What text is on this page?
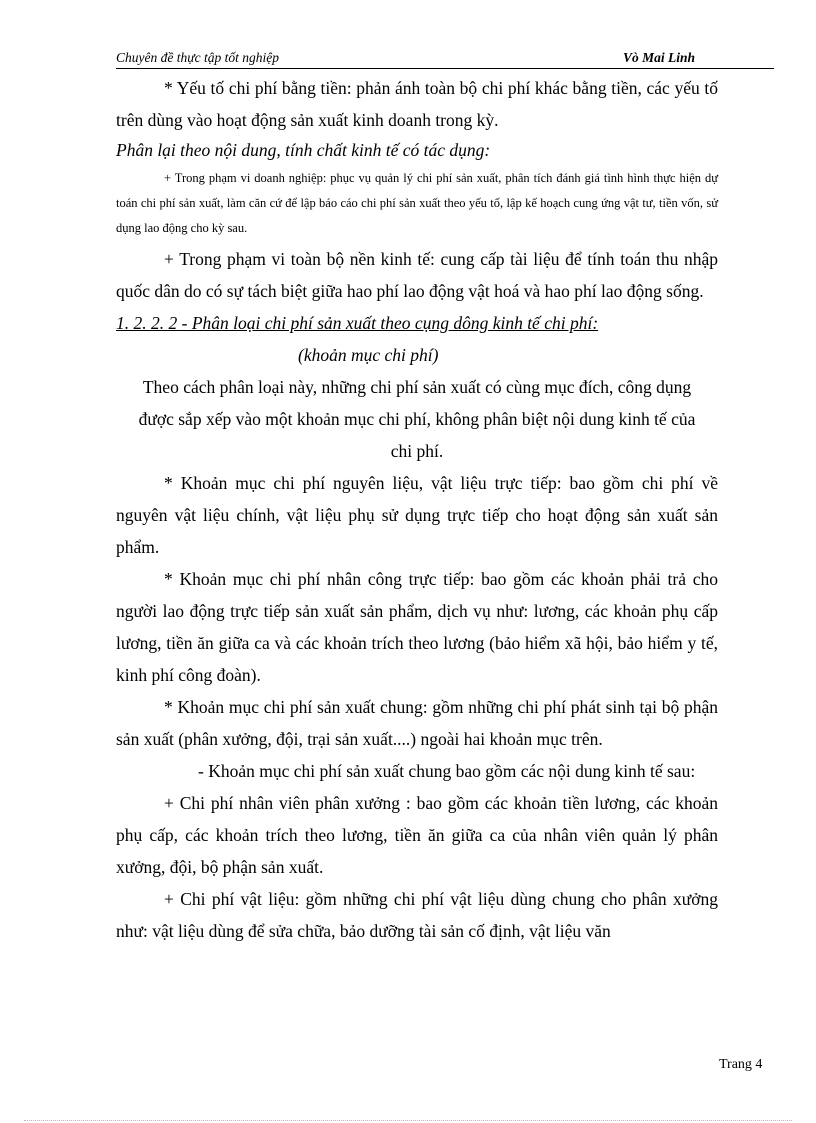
Chuyên đề thực tập tốt nghiệp	Vò Mai Linh

* Yếu tố chi phí bằng tiền: phản ánh toàn bộ chi phí khác bằng tiền, các yếu tố trên dùng vào hoạt động sản xuất kinh doanh trong kỳ.

Phân lại theo nội dung, tính chất kinh tế có tác dụng:

+ Trong phạm vi doanh nghiệp: phục vụ quản lý chi phí sản xuất, phân tích đánh giá tình hình thực hiện dự toán chi phí sản xuất, làm căn cứ để lập báo cáo chi phí sản xuất theo yếu tố, lập kế hoạch cung ứng vật tư, tiền vốn, sử dụng lao động cho kỳ sau.

+ Trong phạm vi toàn bộ nền kinh tế: cung cấp tài liệu để tính toán thu nhập quốc dân do có sự tách biệt giữa hao phí lao động vật hoá và hao phí lao động sống.

1. 2. 2. 2 - Phân loại chi phí sản xuất theo cụng dông kinh tế chi phí:

(khoản mục chi phí)

Theo cách phân loại này, những chi phí sản xuất có cùng mục đích, công dụng được sắp xếp vào một khoản mục chi phí, không phân biệt nội dung kinh tế của chi phí.

* Khoản mục chi phí nguyên liệu, vật liệu trực tiếp: bao gồm chi phí về nguyên vật liệu chính, vật liệu phụ sử dụng trực tiếp cho hoạt động sản xuất sản phẩm.

* Khoản mục chi phí nhân công trực tiếp: bao gồm các khoản phải trả cho người lao động trực tiếp sản xuất sản phẩm, dịch vụ như: lương, các khoản phụ cấp lương, tiền ăn giữa ca và các khoản trích theo lương (bảo hiểm xã hội, bảo hiểm y tế, kinh phí công đoàn).

* Khoản mục chi phí sản xuất chung: gồm những chi phí phát sinh tại bộ phận sản xuất (phân xưởng, đội, trại sản xuất....) ngoài hai khoản mục trên.

- Khoản mục chi phí sản xuất chung bao gồm các nội dung kinh tế sau:

+ Chi phí nhân viên phân xưởng : bao gồm các khoản tiền lương, các khoản phụ cấp, các khoản trích theo lương, tiền ăn giữa ca của nhân viên quản lý phân xưởng, đội, bộ phận sản xuất.

+ Chi phí vật liệu: gồm những chi phí vật liệu dùng chung cho phân xưởng như: vật liệu dùng để sửa chữa, bảo dưỡng tài sản cố định, vật liệu văn

Trang 4
